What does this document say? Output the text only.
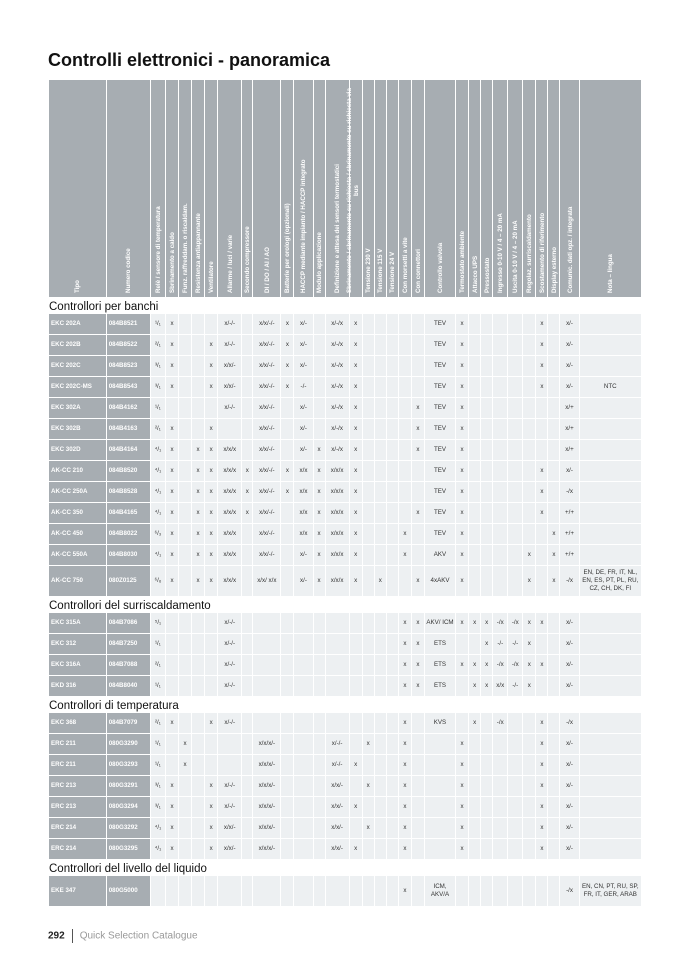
Controlli elettronici - panoramica
Tipo	Numero codice	Relè / sensore di temperatura	Sbrinamento a caldo	Funz. raffreddam. o riscaldam.	Resistenza antiappannante	Ventilatore	Allarme / luci / varie	Secondo compressore	DI / DO / AI / AO	Batterie per orologi (opzionali)	HACCP mediante impianto / HACCP integrato	Modulo applicazione	Definizione e attesa dei sensori termostatici	Sbrinamento / sbrinamento su richiesta / sbrinamento su richiesta via bus	Tensione 230 V	Tensione 115 V	Tensione 24 V	Con morsetti a vite	Con connettori	Controllo valvola	Termostato ambiente	Attacco UPS	Pressostato	Ingresso 0-10 V / 4 – 20 mA	Uscita 0-10 V / 4 – 20 mA	Regolaz. surriscaldamento	Scostamento di riferimento	Display esterno	Comunic. dati opz. / integrata	Nota – lingua

Controllori per banchi																														
EKC 202A	084B8521	¹/₁	x				x/-/-		x/x/-/-	x	x/-		x/-/x	x						TEV	x						x		x/-	
EKC 202B	084B8522	²/₁	x			x	x/-/-		x/x/-/-	x	x/-		x/-/x	x						TEV	x						x		x/-	
EKC 202C	084B8523	³/₁	x			x	x/x/-		x/x/-/-	x	x/-		x/-/x	x						TEV	x						x		x/-	
EKC 202C-MS	084B8543	³/₁	x			x	x/x/-		x/x/-/-	x	-/-		x/-/x	x						TEV	x						x		x/-	NTC
EKC 302A	084B4162	¹/₁					x/-/-		x/x/-/-		x/-		x/-/x	x					x	TEV	x								x/+	
EKC 302B	084B4163	²/₁	x			x			x/x/-/-		x/-		x/-/x	x					x	TEV	x								x/+	
EKC 302D	084B4164	⁴/₁	x		x	x	x/x/x		x/x/-/-		x/-	x	x/-/x	x					x	TEV	x								x/+	
AK-CC 210	084B8520	⁴/₁	x		x	x	x/x/x	x	x/x/-/-	x	x/x	x	x/x/x	x						TEV	x						x		x/-	
AK-CC 250A	084B8528	⁴/₁	x		x	x	x/x/x	x	x/x/-/-	x	x/x	x	x/x/x	x						TEV	x						x		-/x	
AK-CC 350	084B4165	⁴/₁	x		x	x	x/x/x	x	x/x/-/-		x/x	x	x/x/x	x					x	TEV	x						x		+/+	
AK-CC 450	084B8022	⁶/₃	x		x	x	x/x/x		x/x/-/-		x/x	x	x/x/x	x				x		TEV	x							x	+/+	
AK-CC 550A	084B8030	⁴/₁	x		x	x	x/x/x		x/x/-/-		x/-	x	x/x/x	x				x		AKV	x					x		x	+/+	
AK-CC 750	080Z0125	⁶/₆	x		x	x	x/x/x		x/x/ x/x		x/-	x	x/x/x	x		x			x	4xAKV	x					x		x	-/x	EN, DE, FR, IT, NL, EN, ES, PT, PL, RU, CZ, CH, DK, FI
Controllori del surriscaldamento																														
EKC 315A	084B7086	⁵/₁					x/-/-											x	x	AKV/ ICM	x	x	x	-/x	-/x	x	x		x/-	
EKC 312	084B7250	¹/₁					x/-/-											x	x	ETS			x	-/-	-/-	x			x/-	
EKC 316A	084B7088	²/₁					x/-/-											x	x	ETS	x	x	x	-/x	-/x	x	x		x/-	
EKD 316	084B8040	¹/₁					x/-/-											x	x	ETS		x	x	x/x	-/-	x			x/-	
Controllori di temperatura																														
EKC 368	084B7079	²/₁	x			x	x/-/-											x		KVS		x		-/x			x		-/x	
ERC 211	080G3290	¹/₁		x					x/x/x/-				x/-/-		x			x			x						x		x/-	
ERC 211	080G3293	¹/₁		x					x/x/x/-				x/-/-	x				x			x						x		x/-	
ERC 213	080G3291	³/₁	x			x	x/-/-		x/x/x/-				x/x/-		x			x			x						x		x/-	
ERC 213	080G3294	³/₁	x			x	x/-/-		x/x/x/-				x/x/-	x				x			x						x		x/-	
ERC 214	080G3292	⁴/₁	x			x	x/x/-		x/x/x/-				x/x/-		x			x			x						x		x/-	
ERC 214	080G3295	⁴/₁	x			x	x/x/-		x/x/x/-				x/x/-	x				x			x						x		x/-	
Controllori del livello del liquido																														
EKE 347	080G5000																	x		ICM, AKV/A									-/x	EN, CN, PT, RU, SP, FR, IT, GER, ARAB
292 Quick Selection Catalogue
